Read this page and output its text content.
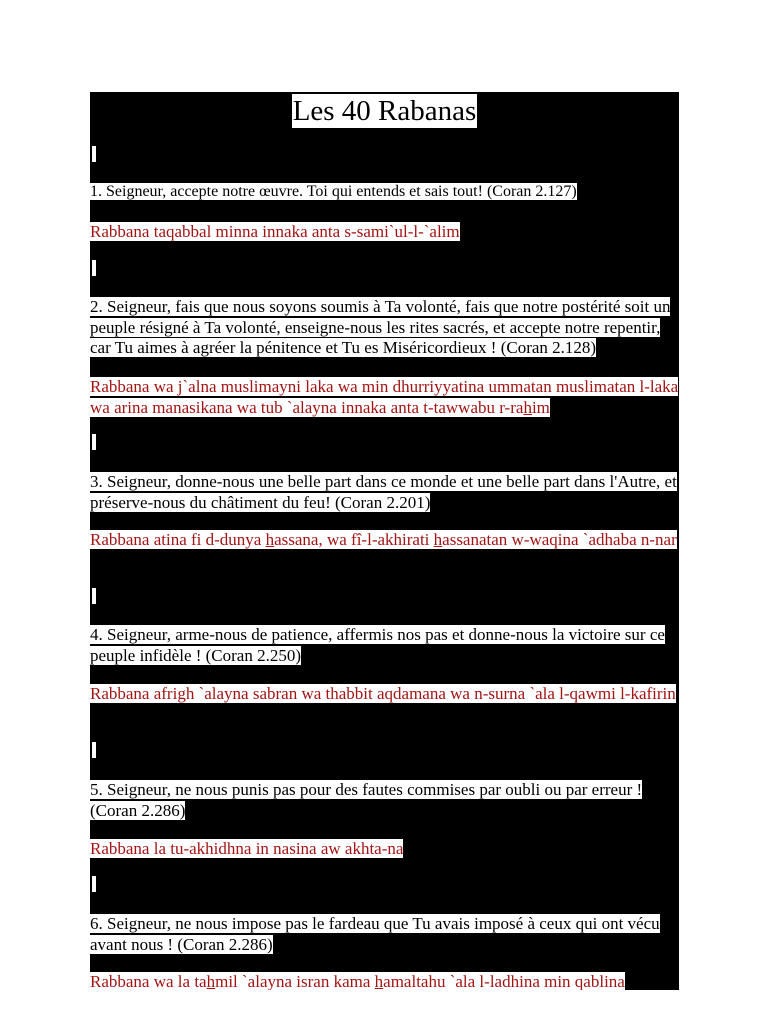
Les 40 Rabanas
1. Seigneur, accepte notre œuvre. Toi qui entends et sais tout! (Coran 2.127)
Rabbana taqabbal minna innaka anta s-sami`ul-l-`alim
2. Seigneur, fais que nous soyons soumis à Ta volonté, fais que notre postérité soit un peuple résigné à Ta volonté, enseigne-nous les rites sacrés, et accepte notre repentir, car Tu aimes à agréer la pénitence et Tu es Miséricordieux ! (Coran 2.128)
Rabbana wa j`alna muslimayni laka wa min dhurriyyatina ummatan muslimatan l-laka wa arina manasikana wa tub `alayna innaka anta t-tawwabu r-rahim
3. Seigneur, donne-nous une belle part dans ce monde et une belle part dans l'Autre, et préserve-nous du châtiment du feu! (Coran 2.201)
Rabbana atina fi d-dunya hassana, wa fî-l-akhirati hassanatan w-waqina `adhaba n-nar
4. Seigneur, arme-nous de patience, affermis nos pas et donne-nous la victoire sur ce peuple infidèle ! (Coran 2.250)
Rabbana afrigh `alayna sabran wa thabbit aqdamana wa n-surna `ala l-qawmi l-kafirin
5. Seigneur, ne nous punis pas pour des fautes commises par oubli ou par erreur ! (Coran 2.286)
Rabbana la tu-akhidhna in nasina aw akhta-na
6. Seigneur, ne nous impose pas le fardeau que Tu avais imposé à ceux qui ont vécu avant nous ! (Coran 2.286)
Rabbana wa la tahmil `alayna isran kama hamaltahu `ala l-ladhina min qablina
